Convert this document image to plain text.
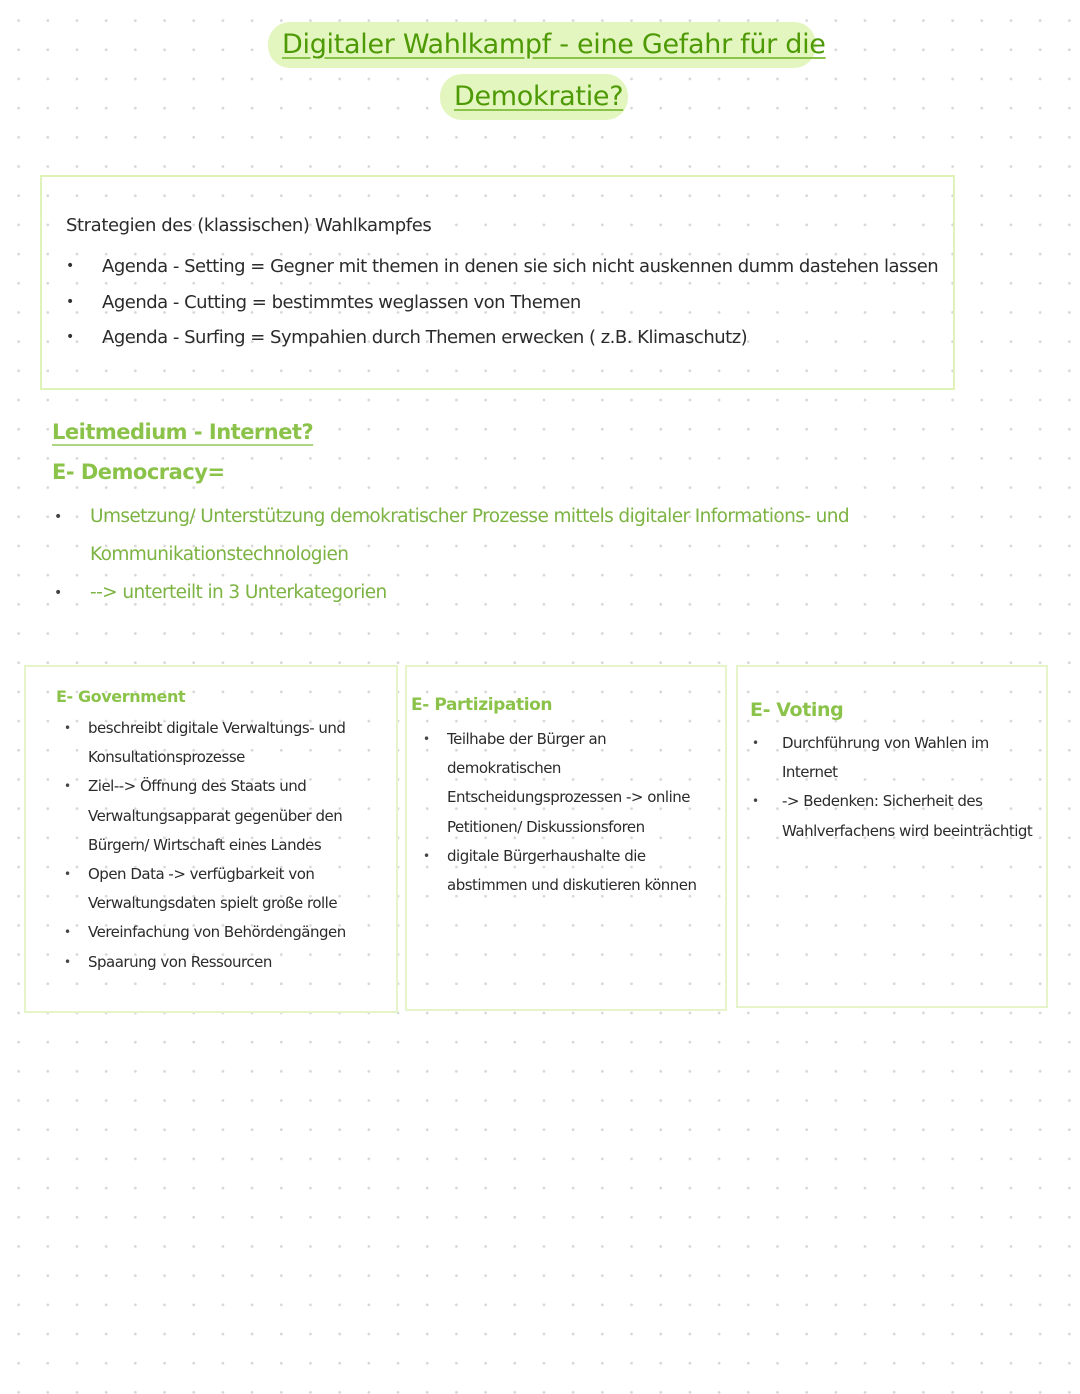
Digitaler Wahlkampf - eine Gefahr für die
Demokratie?
Strategien des (klassischen) Wahlkampfes
• Agenda - Setting = Gegner mit themen in denen sie sich nicht auskennen dumm dastehen lassen
• Agenda - Cutting = bestimmtes weglassen von Themen
• Agenda - Surfing = Sympahien durch Themen erwecken ( z.B. Klimaschutz)
Leitmedium - Internet?
E- Democracy=
• Umsetzung/ Unterstützung demokratischer Prozesse mittels digitaler Informations- und Kommunikationstechnologien
• --> unterteilt in 3 Unterkategorien
E- Government
• beschreibt digitale Verwaltungs- und Konsultationsprozesse
• Ziel--> Öffnung des Staats und Verwaltungsapparat gegenüber den Bürgern/ Wirtschaft eines Landes
• Open Data -> verfügbarkeit von Verwaltungsdaten spielt große rolle
• Vereinfachung von Behördengängen
• Spaarung von Ressourcen
E- Partizipation
• Teilhabe der Bürger an demokratischen Entscheidungsprozessen -> online Petitionen/ Diskussionsforen
• digitale Bürgerhaushalte die abstimmen und diskutieren können
E- Voting
• Durchführung von Wahlen im Internet
• -> Bedenken: Sicherheit des Wahlverfachens wird beeinträchtigt
